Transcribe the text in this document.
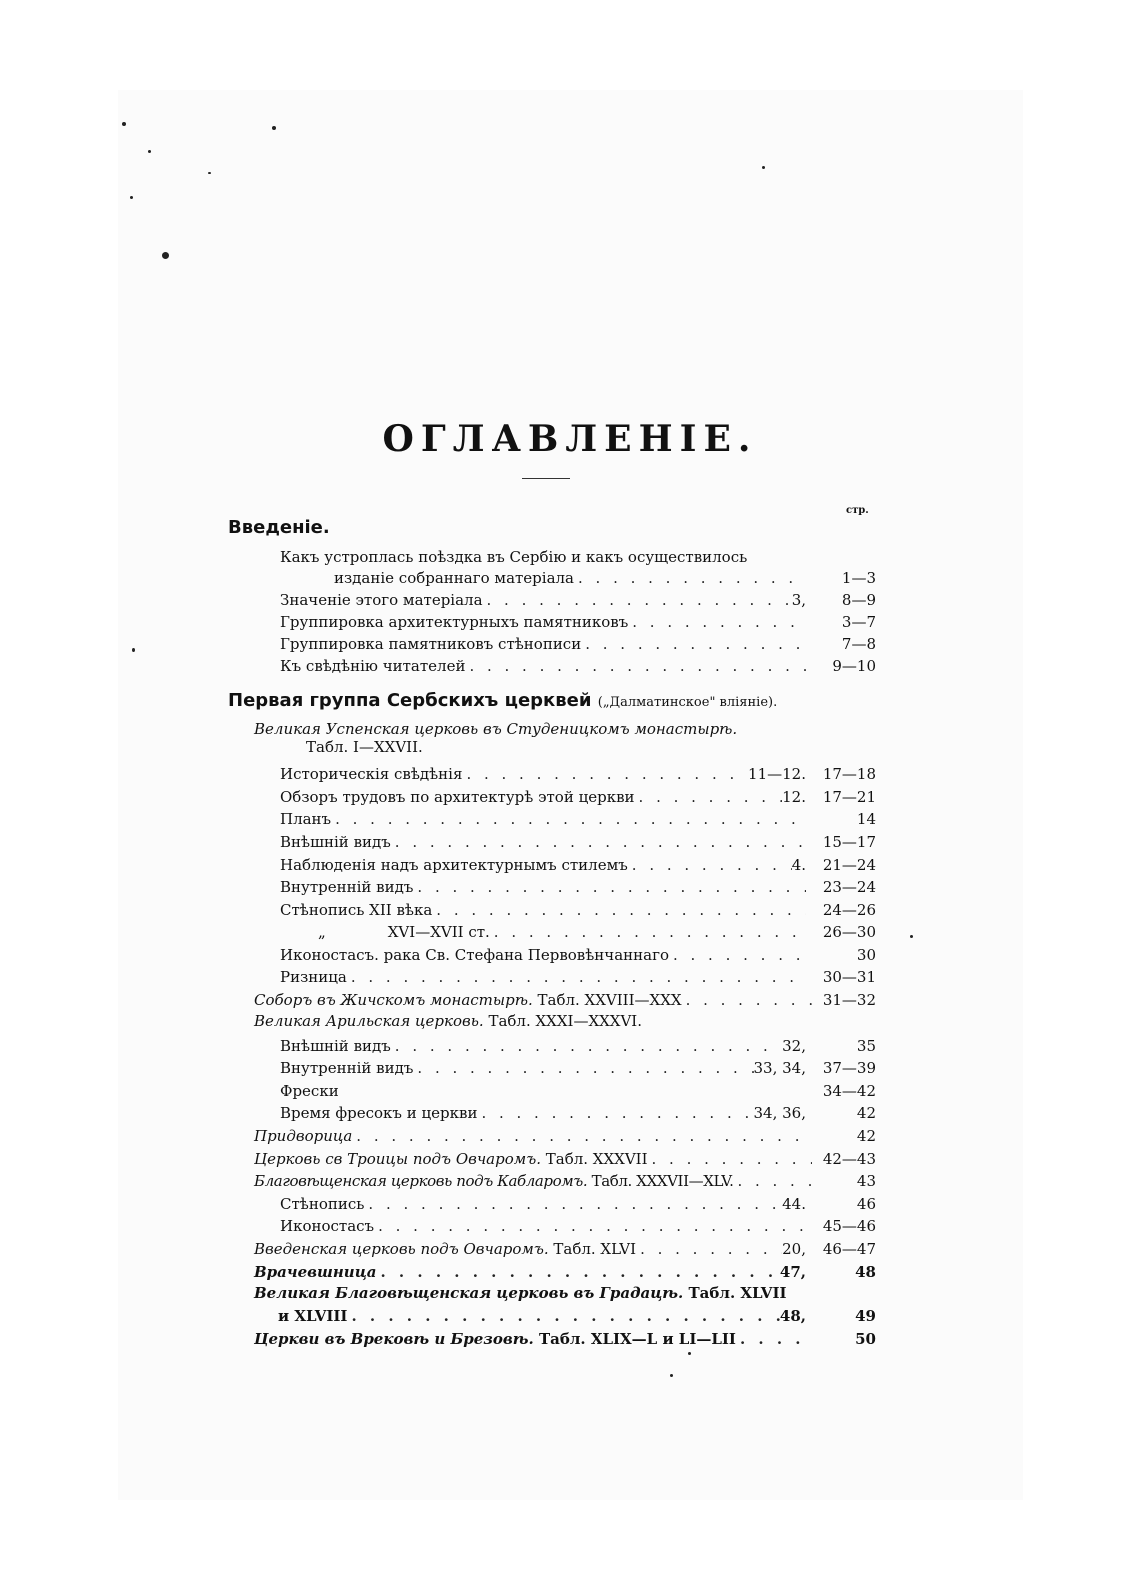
ОГЛАВЛЕНІЕ.
стр.
Введеніе.
Какъ устроплась поѣздка въ Сербію и какъ осуществилось
изданіе собраннаго матеріала . . .	1—3
Значеніе этого матеріала . . .	3,	8—9
Группировка архитектурныхъ памятниковъ . . .	3—7
Группировка памятниковъ стѣнописи . . .	7—8
Къ свѣдѣнію читателей . . .	9—10
Первая группа Сербскихъ церквей („Далматинское" вліяніе).
Великая Успенская церковь въ Студеницкомъ монастырѣ.
Табл. I—XXVII.
Историческія свѣдѣнія . . .	11—12.	17—18
Обзоръ трудовъ по архитектурѣ этой церкви . . .	12.	17—21
Планъ . . .	14
Внѣшній видъ . . .	15—17
Наблюденія надъ архитектурнымъ стилемъ . . .	4.	21—24
Внутренній видъ . . .	23—24
Стѣнопись XII вѣка . . .	24—26
„             XVI—XVII ст. . . .	26—30
Иконостасъ. рака Св. Стефана Первовѣнчаннаго . . .	30
Ризница . . .	30—31
Соборъ въ Жичскомъ монастырѣ. Табл. XXVIII—XXX . . .	31—32
Великая Арильская церковь. Табл. XXXI—XXXVI.
Внѣшній видъ . . .	32,	35
Внутренній видъ . . .	33, 34,	37—39
Фрески	34—42
Время фресокъ и церкви . . .	34, 36,	42
Придворица . . .	42
Церковь св Троицы подъ Овчаромъ. Табл. XXXVII . . .	42—43
Благовѣщенская церковь подъ Кабларомъ. Табл. XXXVII—XLV. . . .	43
Стѣнопись . . .	44.	46
Иконостасъ . . .	45—46
Введенская церковь подъ Овчаромъ. Табл. XLVI . . .	20,	46—47
Врачевшница . . .	47,	48
Великая Благовѣщенская церковь въ Градацѣ. Табл. XLVII
и XLVIII . . .	48,	49
Церкви въ Врековѣ и Брезовѣ. Табл. XLIX—L и LI—LII . . .	50
